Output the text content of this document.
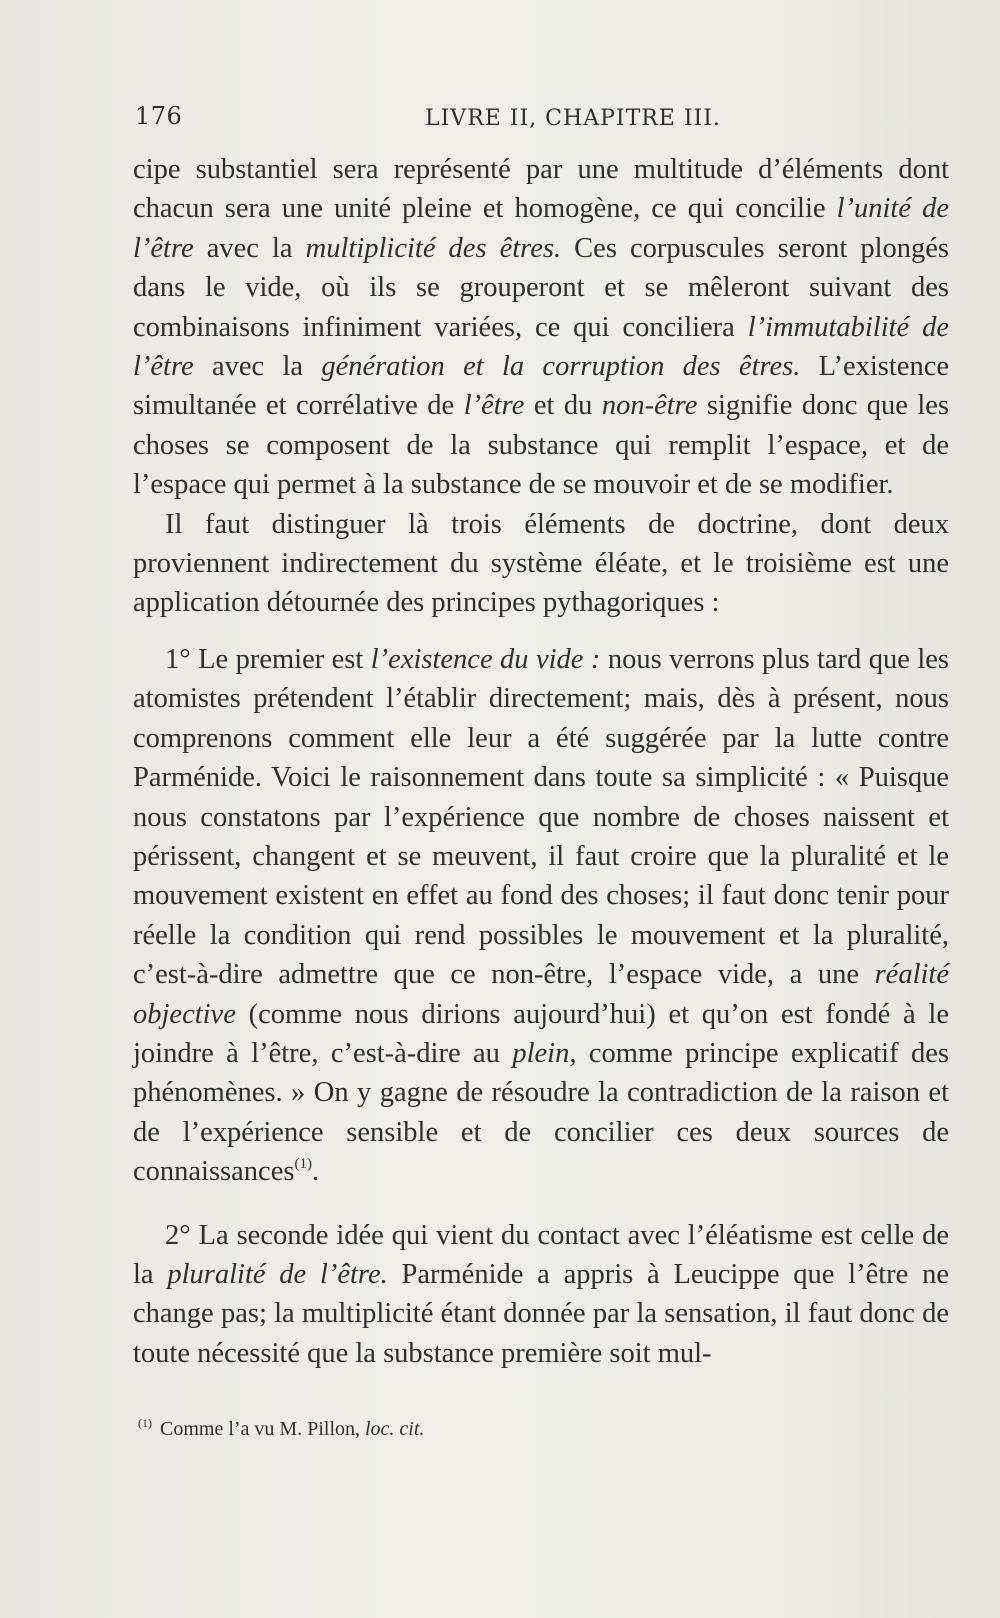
176	LIVRE II, CHAPITRE III.

cipe substantiel sera représenté par une multitude d’éléments dont chacun sera une unité pleine et homogène, ce qui concilie l’unité de l’être avec la multiplicité des êtres. Ces corpuscules seront plongés dans le vide, où ils se grouperont et se mêleront suivant des combinaisons infiniment variées, ce qui conciliera l’immutabilité de l’être avec la génération et la corruption des êtres. L’existence simultanée et corrélative de l’être et du non-être signifie donc que les choses se composent de la substance qui remplit l’espace, et de l’espace qui permet à la substance de se mouvoir et de se modifier.

Il faut distinguer là trois éléments de doctrine, dont deux proviennent indirectement du système éléate, et le troisième est une application détournée des principes pythagoriques :

1° Le premier est l’existence du vide : nous verrons plus tard que les atomistes prétendent l’établir directement; mais, dès à présent, nous comprenons comment elle leur a été suggérée par la lutte contre Parménide. Voici le raisonnement dans toute sa simplicité : « Puisque nous constatons par l’expérience que nombre de choses naissent et périssent, changent et se meuvent, il faut croire que la pluralité et le mouvement existent en effet au fond des choses; il faut donc tenir pour réelle la condition qui rend possibles le mouvement et la pluralité, c’est-à-dire admettre que ce non-être, l’espace vide, a une réalité objective (comme nous dirions aujourd’hui) et qu’on est fondé à le joindre à l’être, c’est-à-dire au plein, comme principe explicatif des phénomènes. » On y gagne de résoudre la contradiction de la raison et de l’expérience sensible et de concilier ces deux sources de connaissances$^{(1)}$.

2° La seconde idée qui vient du contact avec l’éléatisme est celle de la pluralité de l’être. Parménide a appris à Leucippe que l’être ne change pas; la multiplicité étant donnée par la sensation, il faut donc de toute nécessité que la substance première soit mul-

$^{(1)}$ Comme l’a vu M. Pillon, loc. cit.
